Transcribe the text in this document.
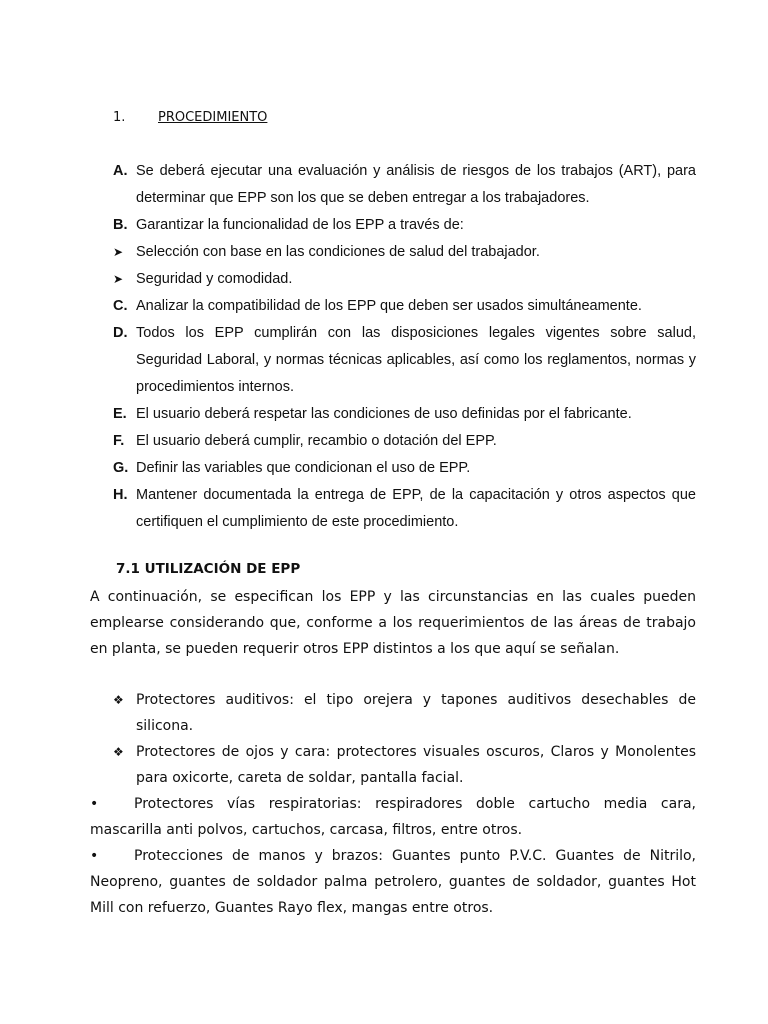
1.	PROCEDIMIENTO
A. Se deberá ejecutar una evaluación y análisis de riesgos de los trabajos (ART), para determinar que EPP son los que se deben entregar a los trabajadores.
B. Garantizar la funcionalidad de los EPP a través de:
➤ Selección con base en las condiciones de salud del trabajador.
➤ Seguridad y comodidad.
C. Analizar la compatibilidad de los EPP que deben ser usados simultáneamente.
D. Todos los EPP cumplirán con las disposiciones legales vigentes sobre salud, Seguridad Laboral, y normas técnicas aplicables, así como los reglamentos, normas y procedimientos internos.
E. El usuario deberá respetar las condiciones de uso definidas por el fabricante.
F. El usuario deberá cumplir, recambio o dotación del EPP.
G. Definir las variables que condicionan el uso de EPP.
H. Mantener documentada la entrega de EPP, de la capacitación y otros aspectos que certifiquen el cumplimiento de este procedimiento.
7.1 UTILIZACIÓN DE EPP
A continuación, se especifican los EPP y las circunstancias en las cuales pueden emplearse considerando que, conforme a los requerimientos de las áreas de trabajo en planta, se pueden requerir otros EPP distintos a los que aquí se señalan.
❖ Protectores auditivos: el tipo orejera y tapones auditivos desechables de silicona.
❖ Protectores de ojos y cara: protectores visuales oscuros, Claros y Monolentes para oxicorte, careta de soldar, pantalla facial.
•	Protectores vías respiratorias: respiradores doble cartucho media cara, mascarilla anti polvos, cartuchos, carcasa, filtros, entre otros.
•	Protecciones de manos y brazos: Guantes punto P.V.C. Guantes de Nitrilo, Neopreno, guantes de soldador palma petrolero, guantes de soldador, guantes Hot Mill con refuerzo, Guantes Rayo flex, mangas entre otros.
